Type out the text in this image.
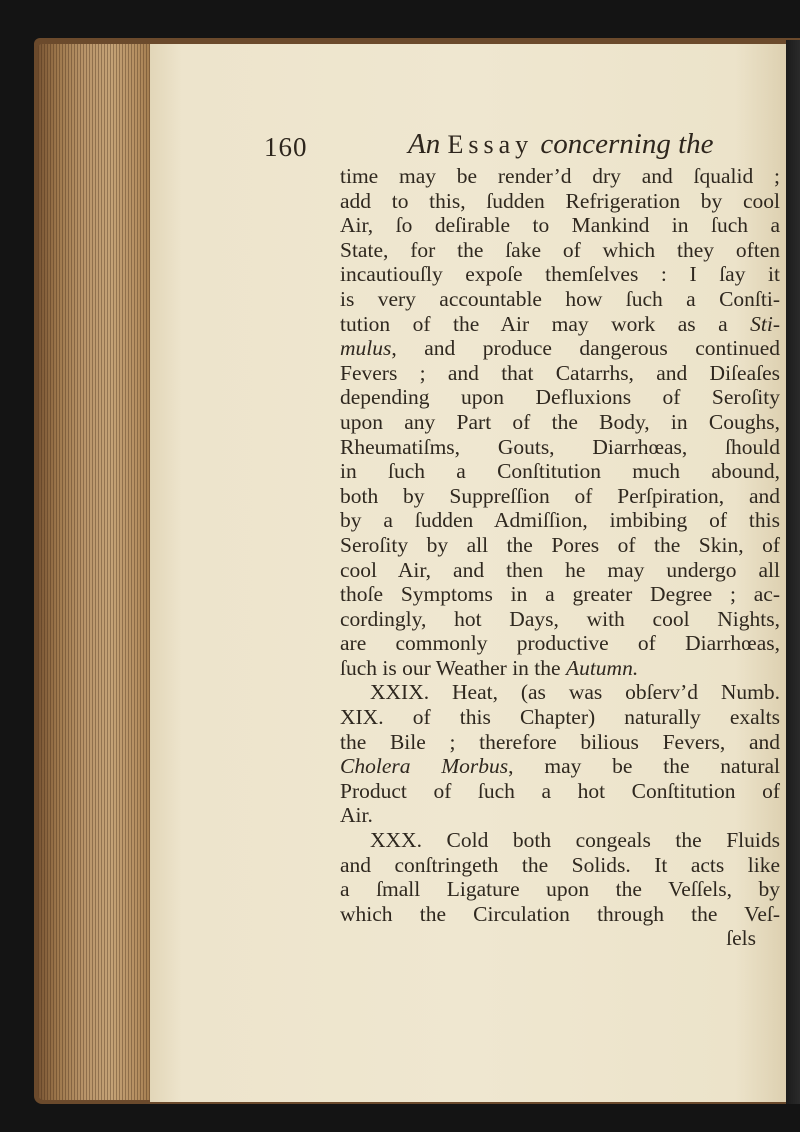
160	An Essay concerning the
time may be render’d dry and ſqualid ;
add to this, ſudden Refrigeration by cool
Air, ſo deſirable to Mankind in ſuch a
State, for the ſake of which they often
incautiouſly expoſe themſelves : I ſay it
is very accountable how ſuch a Conſti-
tution of the Air may work as a Sti-
mulus, and produce dangerous continued
Fevers ; and that Catarrhs, and Diſeaſes
depending upon Defluxions of Seroſity
upon any Part of the Body, in Coughs,
Rheumatiſms, Gouts, Diarrhœas, ſhould
in ſuch a Conſtitution much abound,
both by Suppreſſion of Perſpiration, and
by a ſudden Admiſſion, imbibing of this
Seroſity by all the Pores of the Skin, of
cool Air, and then he may undergo all
thoſe Symptoms in a greater Degree ; ac-
cordingly, hot Days, with cool Nights,
are commonly productive of Diarrhœas,
ſuch is our Weather in the Autumn.
XXIX. Heat, (as was obſerv’d Numb.
XIX. of this Chapter) naturally exalts
the Bile ; therefore bilious Fevers, and
Cholera Morbus, may be the natural
Product of ſuch a hot Conſtitution of
Air.
XXX. Cold both congeals the Fluids
and conſtringeth the Solids. It acts like
a ſmall Ligature upon the Veſſels, by
which the Circulation through the Veſ-
ſels
